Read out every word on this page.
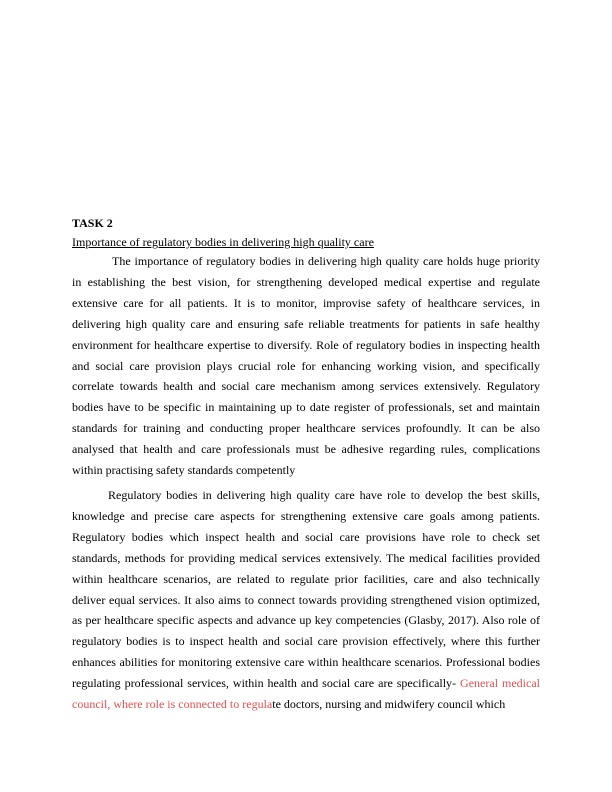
TASK 2
Importance of regulatory bodies in delivering high quality care

The importance of regulatory bodies in delivering high quality care holds huge priority in establishing the best vision, for strengthening developed medical expertise and regulate extensive care for all patients. It is to monitor, improvise safety of healthcare services, in delivering high quality care and ensuring safe reliable treatments for patients in safe healthy environment for healthcare expertise to diversify. Role of regulatory bodies in inspecting health and social care provision plays crucial role for enhancing working vision, and specifically correlate towards health and social care mechanism among services extensively. Regulatory bodies have to be specific in maintaining up to date register of professionals, set and maintain standards for training and conducting proper healthcare services profoundly. It can be also analysed that health and care professionals must be adhesive regarding rules, complications within practising safety standards competently

Regulatory bodies in delivering high quality care have role to develop the best skills, knowledge and precise care aspects for strengthening extensive care goals among patients. Regulatory bodies which inspect health and social care provisions have role to check set standards, methods for providing medical services extensively. The medical facilities provided within healthcare scenarios, are related to regulate prior facilities, care and also technically deliver equal services. It also aims to connect towards providing strengthened vision optimized, as per healthcare specific aspects and advance up key competencies (Glasby, 2017). Also role of regulatory bodies is to inspect health and social care provision effectively, where this further enhances abilities for monitoring extensive care within healthcare scenarios. Professional bodies regulating professional services, within health and social care are specifically- General medical council, where role is connected to regulate doctors, nursing and midwifery council which
